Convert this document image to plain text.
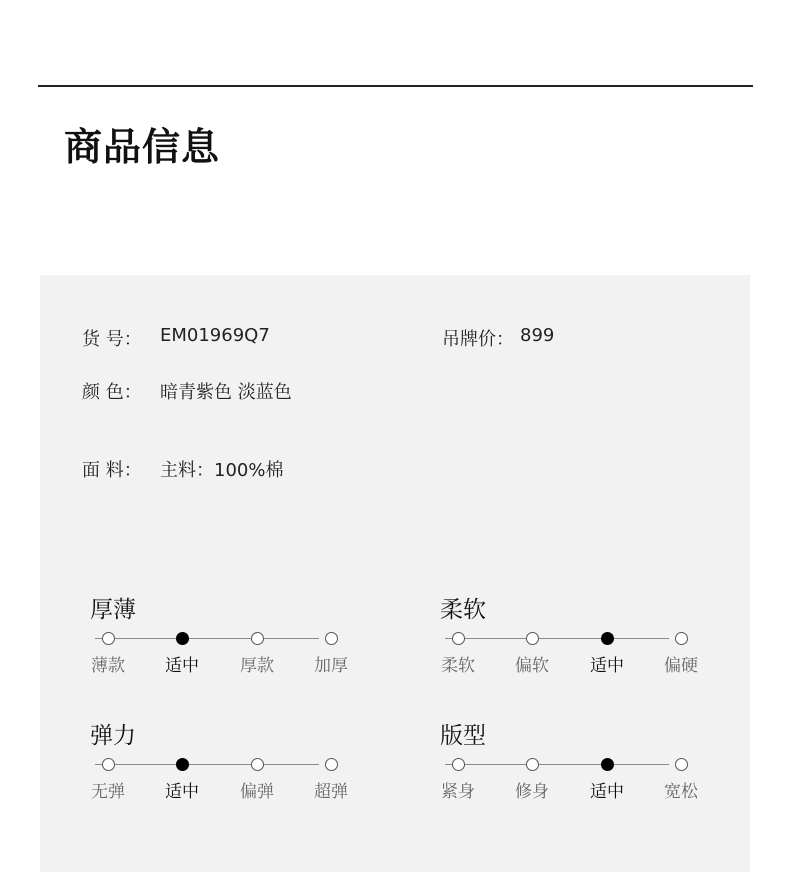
商品信息
货 号： EM01969Q7	吊牌价： 899
颜 色： 暗青紫色 淡蓝色
面 料： 主料：100%棉
厚薄
薄款	适中	厚款	加厚
柔软
柔软	偏软	适中	偏硬
弹力
无弹	适中	偏弹	超弹
版型
紧身	修身	适中	宽松
